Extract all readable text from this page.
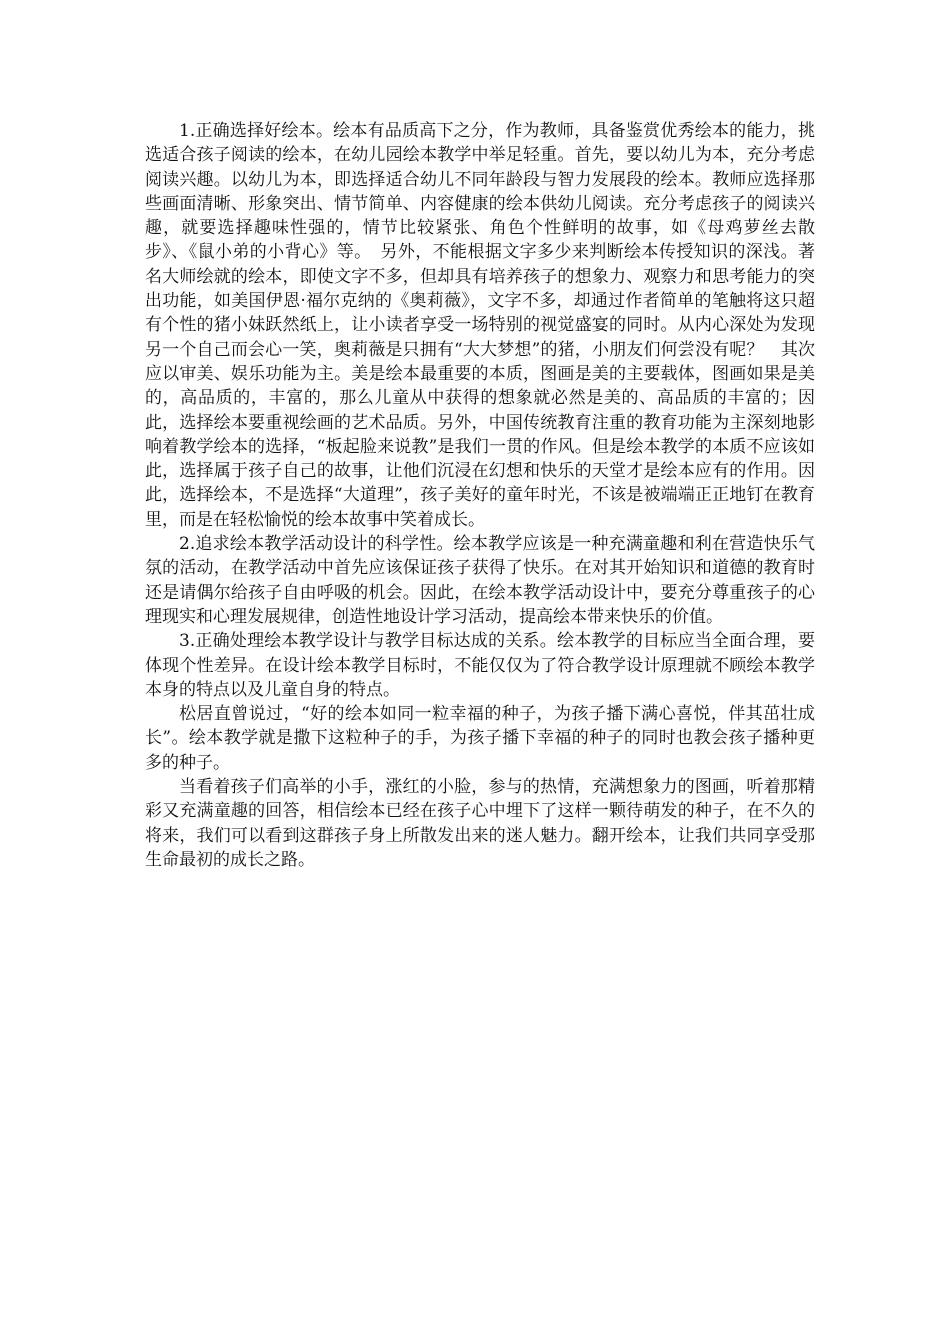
1.正确选择好绘本。绘本有品质高下之分，作为教师，具备鉴赏优秀绘本的能力，挑选适合孩子阅读的绘本，在幼儿园绘本教学中举足轻重。首先，要以幼儿为本，充分考虑阅读兴趣。以幼儿为本，即选择适合幼儿不同年龄段与智力发展段的绘本。教师应选择那些画面清晰、形象突出、情节简单、内容健康的绘本供幼儿阅读。充分考虑孩子的阅读兴趣，就要选择趣味性强的，情节比较紧张、角色个性鲜明的故事，如《母鸡萝丝去散步》、《鼠小弟的小背心》等。　另外，不能根据文字多少来判断绘本传授知识的深浅。著名大师绘就的绘本，即使文字不多，但却具有培养孩子的想象力、观察力和思考能力的突出功能，如美国伊恩·福尔克纳的《奥莉薇》，文字不多，却通过作者简单的笔触将这只超有个性的猪小妹跃然纸上，让小读者享受一场特别的视觉盛宴的同时。从内心深处为发现另一个自己而会心一笑，奥莉薇是只拥有“大大梦想”的猪，小朋友们何尝没有呢？　其次应以审美、娱乐功能为主。美是绘本最重要的本质，图画是美的主要载体，图画如果是美的，高品质的，丰富的，那么儿童从中获得的想象就必然是美的、高品质的丰富的；因此，选择绘本要重视绘画的艺术品质。另外，中国传统教育注重的教育功能为主深刻地影响着教学绘本的选择，“板起脸来说教”是我们一贯的作风。但是绘本教学的本质不应该如此，选择属于孩子自己的故事，让他们沉浸在幻想和快乐的天堂才是绘本应有的作用。因此，选择绘本，不是选择“大道理”，孩子美好的童年时光，不该是被端端正正地钉在教育里，而是在轻松愉悦的绘本故事中笑着成长。

2.追求绘本教学活动设计的科学性。绘本教学应该是一种充满童趣和利在营造快乐气氛的活动，在教学活动中首先应该保证孩子获得了快乐。在对其开始知识和道德的教育时还是请偶尔给孩子自由呼吸的机会。因此，在绘本教学活动设计中，要充分尊重孩子的心理现实和心理发展规律，创造性地设计学习活动，提高绘本带来快乐的价值。

3.正确处理绘本教学设计与教学目标达成的关系。绘本教学的目标应当全面合理，要体现个性差异。在设计绘本教学目标时，不能仅仅为了符合教学设计原理就不顾绘本教学本身的特点以及儿童自身的特点。

松居直曾说过，“好的绘本如同一粒幸福的种子，为孩子播下满心喜悦，伴其茁壮成长”。绘本教学就是撒下这粒种子的手，为孩子播下幸福的种子的同时也教会孩子播种更多的种子。

当看着孩子们高举的小手，涨红的小脸，参与的热情，充满想象力的图画，听着那精彩又充满童趣的回答，相信绘本已经在孩子心中埋下了这样一颗待萌发的种子，在不久的将来，我们可以看到这群孩子身上所散发出来的迷人魅力。翻开绘本，让我们共同享受那生命最初的成长之路。
